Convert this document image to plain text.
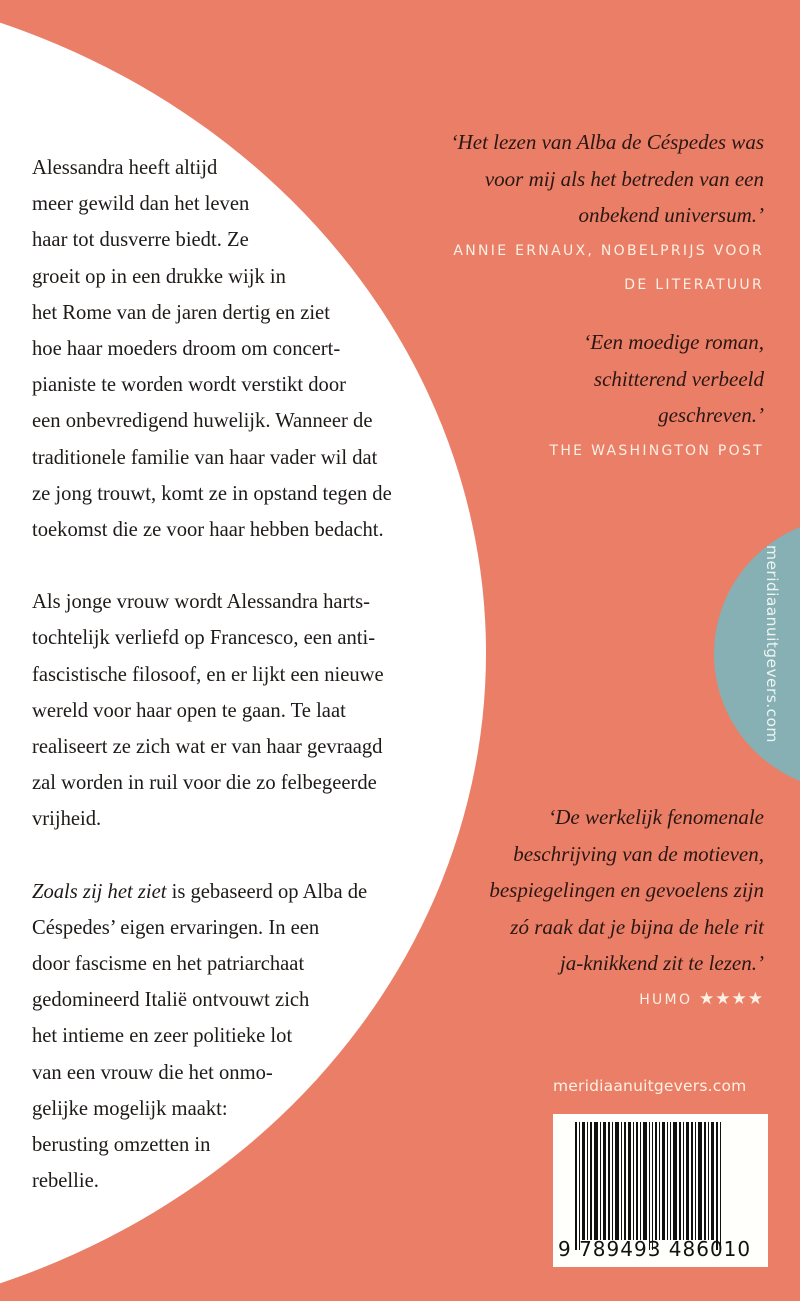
meridiaanuitgevers.com

Alessandra heeft altijd
meer gewild dan het leven
haar tot dusverre biedt. Ze
groeit op in een drukke wijk in
het Rome van de jaren dertig en ziet
hoe haar moeders droom om concert-
pianiste te worden wordt verstikt door
een onbevredigend huwelijk. Wanneer de
traditionele familie van haar vader wil dat
ze jong trouwt, komt ze in opstand tegen de
toekomst die ze voor haar hebben bedacht.

Als jonge vrouw wordt Alessandra harts-
tochtelijk verliefd op Francesco, een anti-
fascistische filosoof, en er lijkt een nieuwe
wereld voor haar open te gaan. Te laat
realiseert ze zich wat er van haar gevraagd
zal worden in ruil voor die zo felbegeerde
vrijheid.

Zoals zij het ziet is gebaseerd op Alba de
Céspedes’ eigen ervaringen. In een
door fascisme en het patriarchaat
gedomineerd Italië ontvouwt zich
het intieme en zeer politieke lot
van een vrouw die het onmo-
gelijke mogelijk maakt:
berusting omzetten in
rebellie.

‘Het lezen van Alba de Céspedes was
voor mij als het betreden van een
onbekend universum.’
ANNIE ERNAUX, NOBELPRIJS VOOR
DE LITERATUUR
‘Een moedige roman,
schitterend verbeeld
geschreven.’
THE WASHINGTON POST
‘De werkelijk fenomenale
beschrijving van de motieven,
bespiegelingen en gevoelens zijn
zó raak dat je bijna de hele rit
ja-knikkend zit te lezen.’
HUMO ★★★★
meridiaanuitgevers.com
9 789493 486010
